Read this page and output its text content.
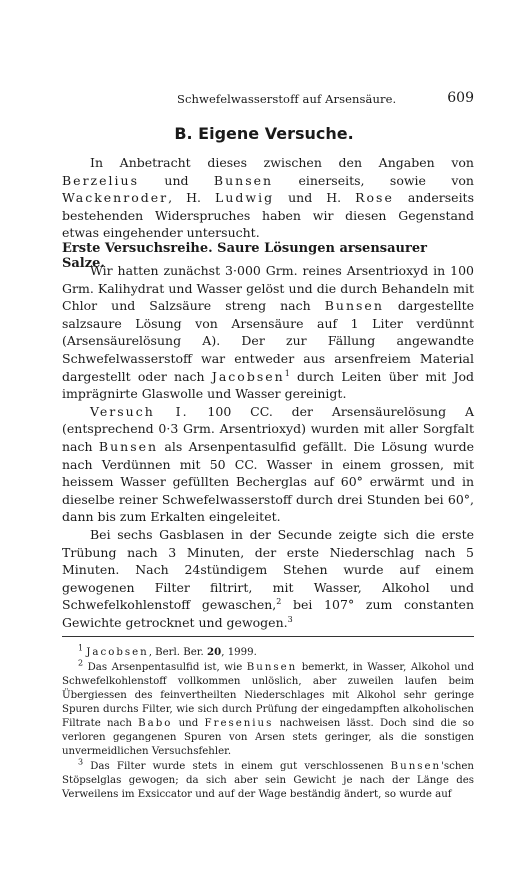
Schwefelwasserstoff auf Arsensäure.	609
B. Eigene Versuche.

In Anbetracht dieses zwischen den Angaben von Berzelius und Bunsen einerseits, sowie von Wackenroder, H. Ludwig und H. Rose anderseits bestehenden Widerspruches haben wir diesen Gegenstand etwas eingehender untersucht.

Erste Versuchsreihe. Saure Lösungen arsensaurer Salze.

Wir hatten zunächst 3·000 Grm. reines Arsentrioxyd in 100 Grm. Kalihydrat und Wasser gelöst und die durch Behandeln mit Chlor und Salzsäure streng nach Bunsen dargestellte salzsaure Lösung von Arsensäure auf 1 Liter verdünnt (Arsensäurelösung A). Der zur Fällung angewandte Schwefelwasserstoff war entweder aus arsenfreiem Material dargestellt oder nach Jacobsen$^1$ durch Leiten über mit Jod imprägnirte Glaswolle und Wasser gereinigt.

Versuch I. 100 CC. der Arsensäurelösung A (entsprechend 0·3 Grm. Arsentrioxyd) wurden mit aller Sorgfalt nach Bunsen als Arsenpentasulfid gefällt. Die Lösung wurde nach Verdünnen mit 50 CC. Wasser in einem grossen, mit heissem Wasser gefüllten Becherglas auf 60° erwärmt und in dieselbe reiner Schwefelwasserstoff durch drei Stunden bei 60°, dann bis zum Erkalten eingeleitet.

Bei sechs Gasblasen in der Secunde zeigte sich die erste Trübung nach 3 Minuten, der erste Niederschlag nach 5 Minuten. Nach 24stündigem Stehen wurde auf einem gewogenen Filter filtrirt, mit Wasser, Alkohol und Schwefelkohlenstoff gewaschen,$^2$ bei 107° zum constanten Gewichte getrocknet und gewogen.$^3$

$^1$ Jacobsen, Berl. Ber. 20, 1999.

$^2$ Das Arsenpentasulfid ist, wie Bunsen bemerkt, in Wasser, Alkohol und Schwefelkohlenstoff vollkommen unlöslich, aber zuweilen laufen beim Übergiessen des feinvertheilten Niederschlages mit Alkohol sehr geringe Spuren durchs Filter, wie sich durch Prüfung der eingedampften alkoholischen Filtrate nach Babo und Fresenius nachweisen lässt. Doch sind die so verloren gegangenen Spuren von Arsen stets geringer, als die sonstigen unvermeidlichen Versuchsfehler.

$^3$ Das Filter wurde stets in einem gut verschlossenen Bunsen'schen Stöpselglas gewogen; da sich aber sein Gewicht je nach der Länge des Verweilens im Exsiccator und auf der Wage beständig ändert, so wurde auf
